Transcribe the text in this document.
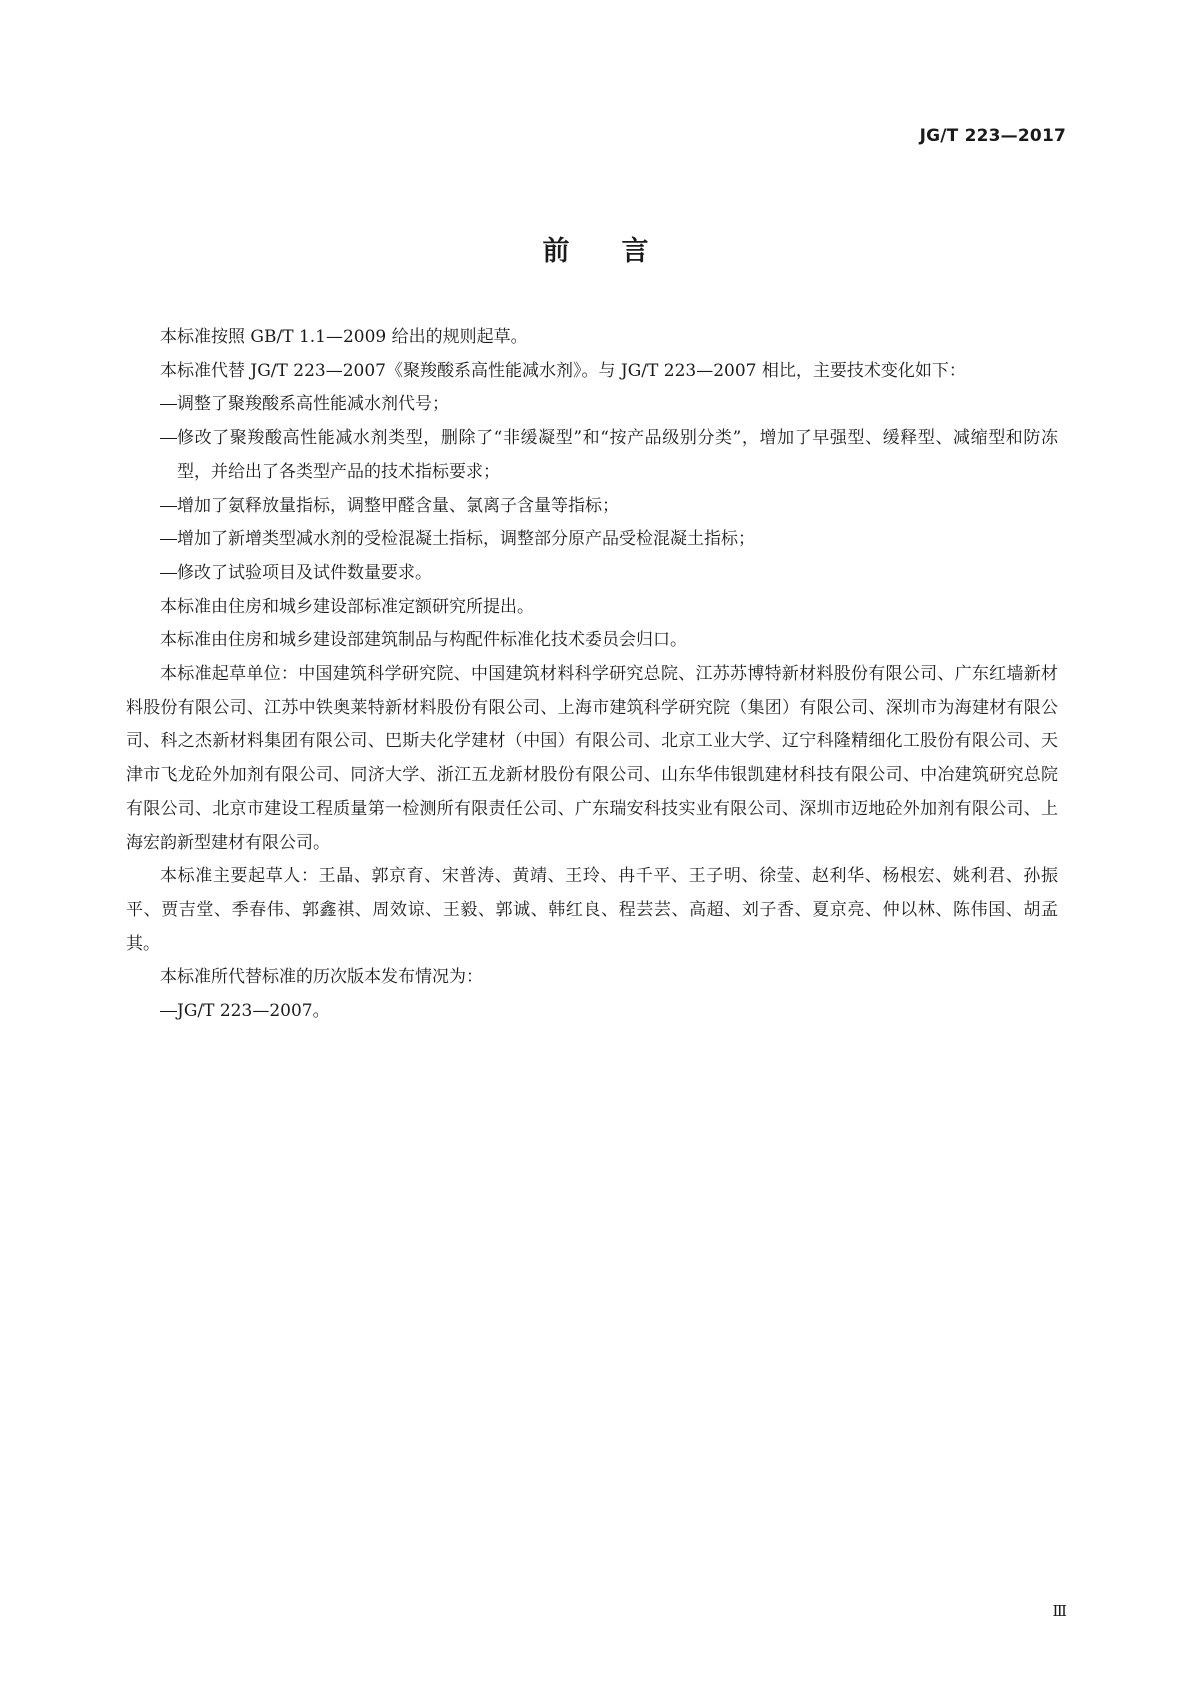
JG/T 223—2017

前言

本标准按照 GB/T 1.1—2009 给出的规则起草。

本标准代替 JG/T 223—2007《聚羧酸系高性能减水剂》。与 JG/T 223—2007 相比，主要技术变化如下：

调整了聚羧酸系高性能减水剂代号；

修改了聚羧酸高性能减水剂类型，删除了“非缓凝型”和“按产品级别分类”，增加了早强型、缓释型、减缩型和防冻型，并给出了各类型产品的技术指标要求；

增加了氨释放量指标，调整甲醛含量、氯离子含量等指标；

增加了新增类型减水剂的受检混凝土指标，调整部分原产品受检混凝土指标；

修改了试验项目及试件数量要求。

本标准由住房和城乡建设部标准定额研究所提出。

本标准由住房和城乡建设部建筑制品与构配件标准化技术委员会归口。

本标准起草单位：中国建筑科学研究院、中国建筑材料科学研究总院、江苏苏博特新材料股份有限公司、广东红墙新材料股份有限公司、江苏中铁奥莱特新材料股份有限公司、上海市建筑科学研究院（集团）有限公司、深圳市为海建材有限公司、科之杰新材料集团有限公司、巴斯夫化学建材（中国）有限公司、北京工业大学、辽宁科隆精细化工股份有限公司、天津市飞龙砼外加剂有限公司、同济大学、浙江五龙新材股份有限公司、山东华伟银凯建材科技有限公司、中冶建筑研究总院有限公司、北京市建设工程质量第一检测所有限责任公司、广东瑞安科技实业有限公司、深圳市迈地砼外加剂有限公司、上海宏韵新型建材有限公司。

本标准主要起草人：王晶、郭京育、宋普涛、黄靖、王玲、冉千平、王子明、徐莹、赵利华、杨根宏、姚利君、孙振平、贾吉堂、季春伟、郭鑫祺、周效谅、王毅、郭诚、韩红良、程芸芸、高超、刘子香、夏京亮、仲以林、陈伟国、胡孟其。

本标准所代替标准的历次版本发布情况为：

JG/T 223—2007。

Ⅲ
